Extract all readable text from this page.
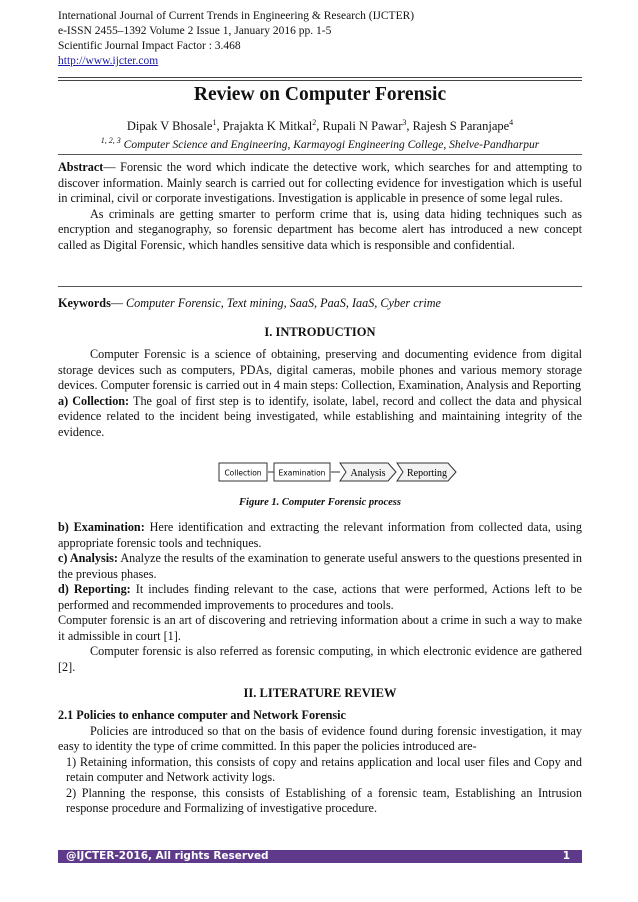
International Journal of Current Trends in Engineering & Research (IJCTER)
e-ISSN 2455–1392 Volume 2 Issue 1, January 2016 pp. 1-5
Scientific Journal Impact Factor : 3.468
http://www.ijcter.com
Review on Computer Forensic
Dipak V Bhosale$^1$, Prajakta K Mitkal$^2$, Rupali N Pawar$^3$, Rajesh S Paranjape$^4$
$^{1, 2, 3}$ Computer Science and Engineering, Karmayogi Engineering College, Shelve-Pandharpur

Abstract— Forensic the word which indicate the detective work, which searches for and attempting to discover information. Mainly search is carried out for collecting evidence for investigation which is useful in criminal, civil or corporate investigations. Investigation is applicable in presence of some legal rules.

As criminals are getting smarter to perform crime that is, using data hiding techniques such as encryption and steganography, so forensic department has become alert has introduced a new concept called as Digital Forensic, which handles sensitive data which is responsible and confidential.

Keywords— Computer Forensic, Text mining, SaaS, PaaS, IaaS, Cyber crime
I. INTRODUCTION

Computer Forensic is a science of obtaining, preserving and documenting evidence from digital storage devices such as computers, PDAs, digital cameras, mobile phones and various memory storage devices. Computer forensic is carried out in 4 main steps: Collection, Examination, Analysis and Reporting

a) Collection: The goal of first step is to identify, isolate, label, record and collect the data and physical evidence related to the incident being investigated, while establishing and maintaining integrity of the evidence.

Collection Examination	Analysis Reporting
Figure 1. Computer Forensic process

b) Examination: Here identification and extracting the relevant information from collected data, using appropriate forensic tools and techniques.

c) Analysis: Analyze the results of the examination to generate useful answers to the questions presented in the previous phases.

d) Reporting: It includes finding relevant to the case, actions that were performed, Actions left to be performed and recommended improvements to procedures and tools.

Computer forensic is an art of discovering and retrieving information about a crime in such a way to make it admissible in court [1].

Computer forensic is also referred as forensic computing, in which electronic evidence are gathered [2].

II. LITERATURE REVIEW

2.1 Policies to enhance computer and Network Forensic

Policies are introduced so that on the basis of evidence found during forensic investigation, it may easy to identity the type of crime committed. In this paper the policies introduced are-

1) Retaining information, this consists of copy and retains application and local user files and Copy and retain computer and Network activity logs.

2) Planning the response, this consists of Establishing of a forensic team, Establishing an Intrusion response procedure and Formalizing of investigative procedure.

@IJCTER-2016, All rights Reserved	1
